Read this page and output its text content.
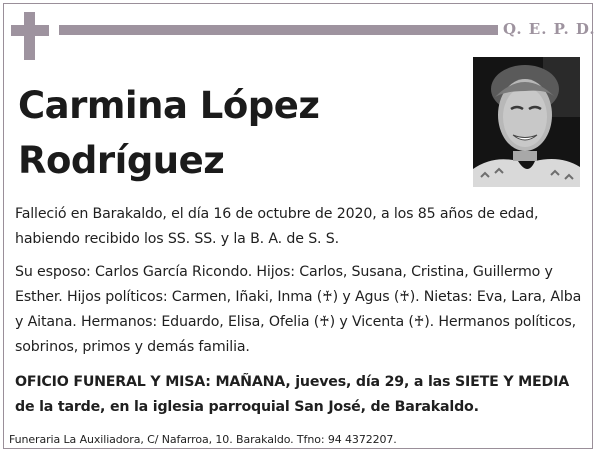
Q. E. P. D.
Carmina López
Rodríguez
Falleció en Barakaldo, el día 16 de octubre de 2020, a los 85 años de edad, habiendo recibido los SS. SS. y la B. A. de S. S.
Su esposo: Carlos García Ricondo. Hijos: Carlos, Susana, Cristina, Guillermo y Esther. Hijos políticos: Carmen, Iñaki, Inma (♰) y Agus (♰). Nietas: Eva, Lara, Alba y Aitana. Hermanos: Eduardo, Elisa, Ofelia (♰) y Vicenta (♰). Hermanos políticos, sobrinos, primos y demás familia.
OFICIO FUNERAL Y MISA: MAÑANA, jueves, día 29, a las SIETE Y MEDIA de la tarde, en la iglesia parroquial San José, de Barakaldo.
Funeraria La Auxiliadora, C/ Nafarroa, 10. Barakaldo. Tfno: 94 4372207.
